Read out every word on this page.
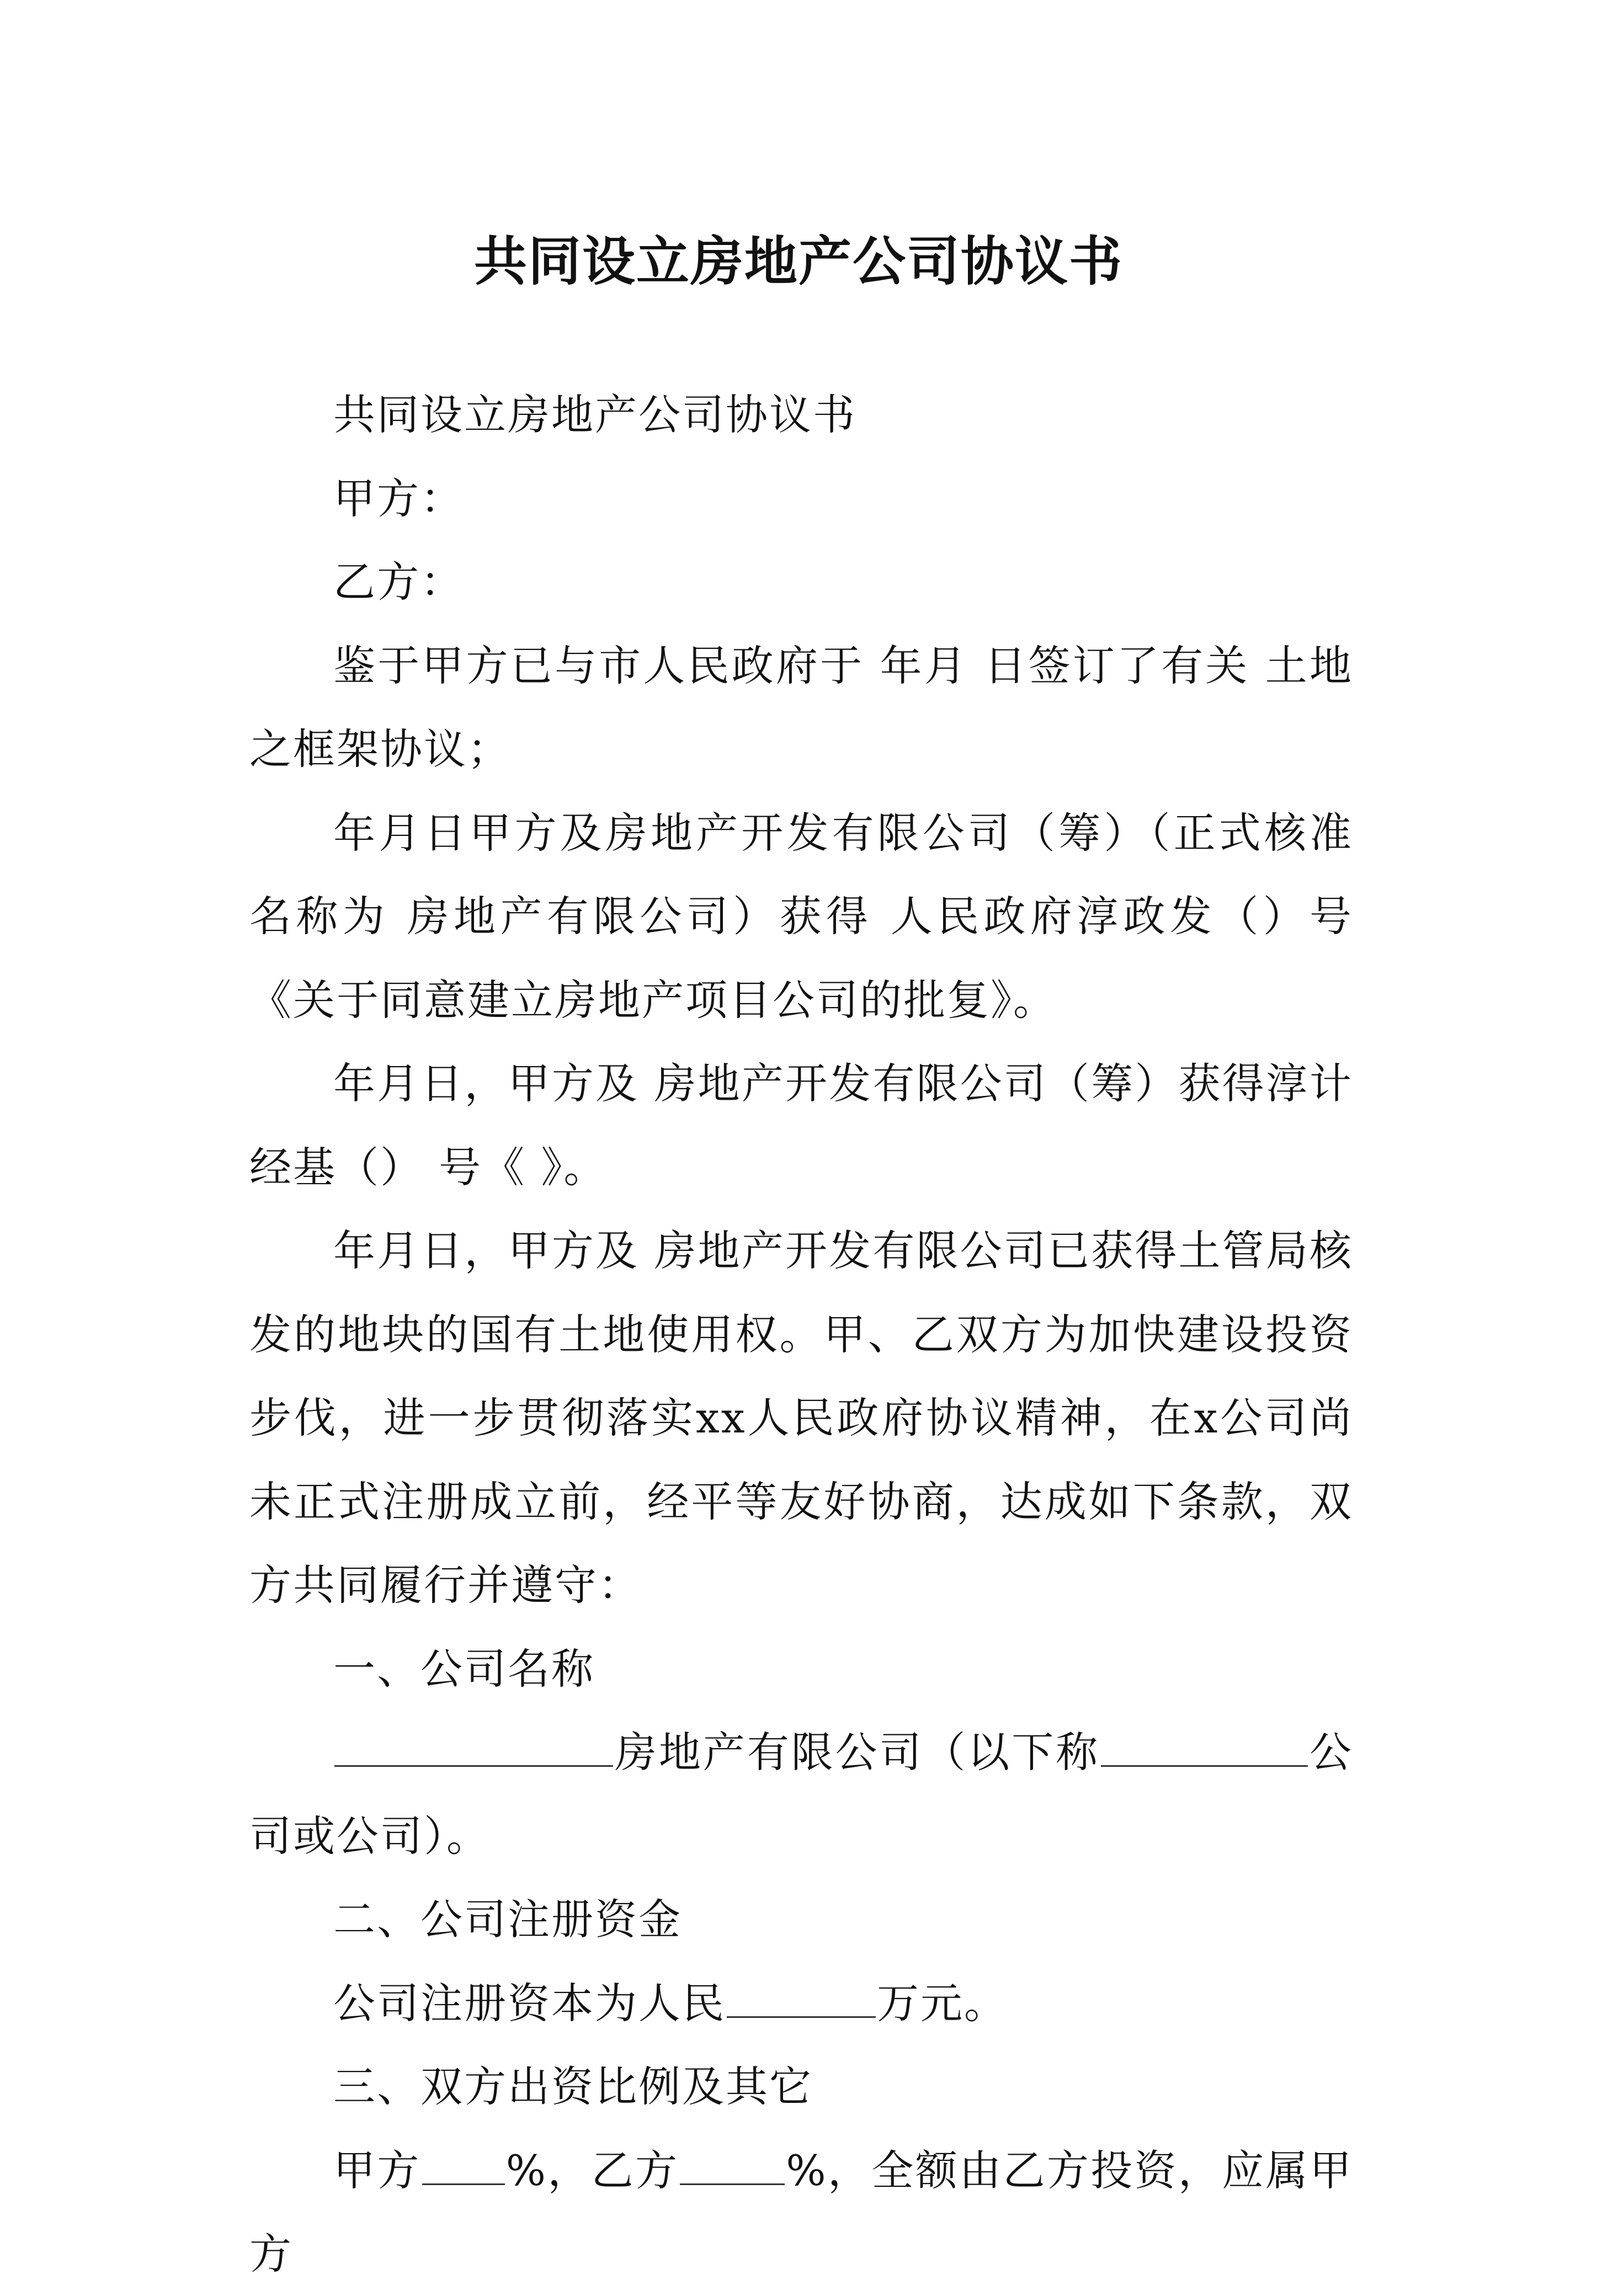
共同设立房地产公司协议书

共同设立房地产公司协议书

甲方：

乙方：

鉴于甲方已与市人民政府于 年月 日签订了有关 土地之框架协议；

年月日甲方及房地产开发有限公司（筹）（正式核准名称为 房地产有限公司）获得 人民政府淳政发（）号《关于同意建立房地产项目公司的批复》。

年月日，甲方及 房地产开发有限公司（筹）获得淳计经基（） 号《 》。

年月日，甲方及 房地产开发有限公司已获得土管局核发的地块的国有土地使用权。甲、乙双方为加快建设投资步伐，进一步贯彻落实xx人民政府协议精神，在x公司尚未正式注册成立前，经平等友好协商，达成如下条款，双方共同履行并遵守：

一、公司名称

房地产有限公司（以下称	公司或公司）。

二、公司注册资金

公司注册资本为人民	万元。

三、双方出资比例及其它

甲方 %，乙方	%，全额由乙方投资，应属甲方
